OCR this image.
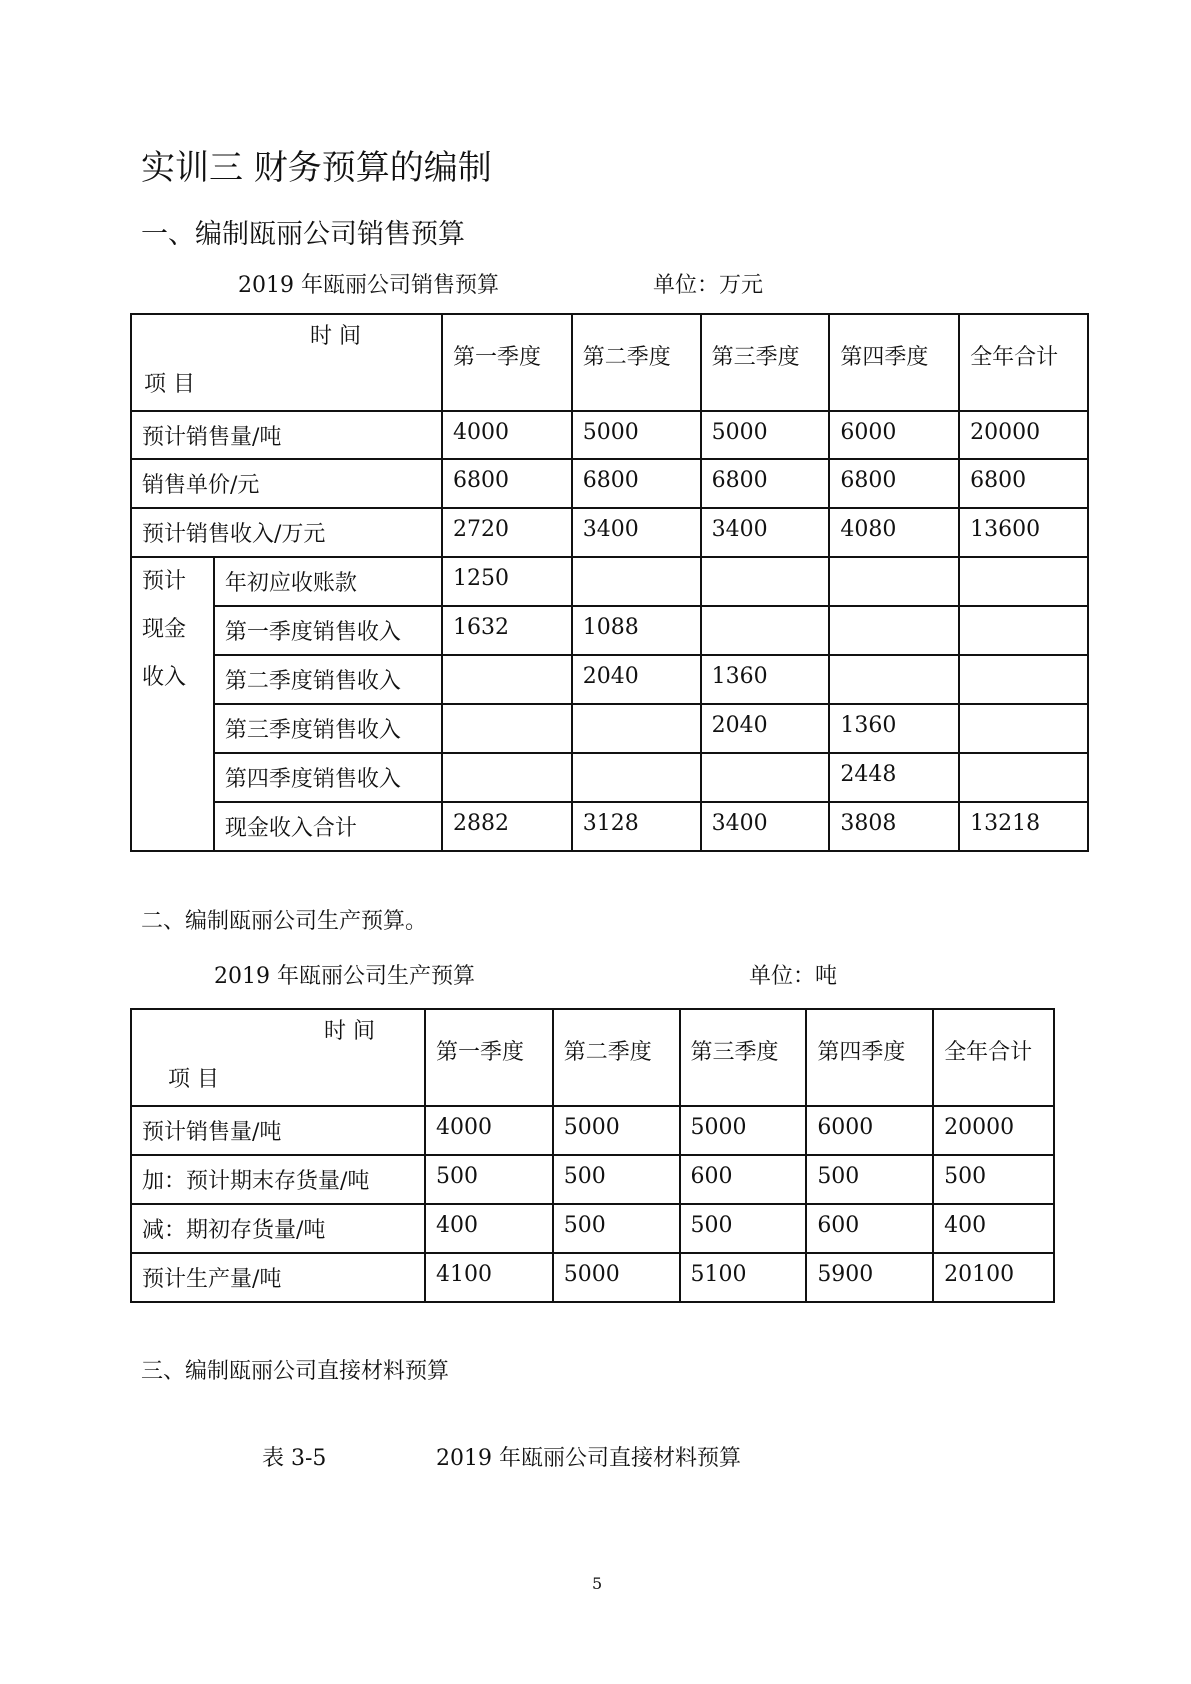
实训三 财务预算的编制
一、编制瓯丽公司销售预算
2019 年瓯丽公司销售预算	单位：万元
时 间
项 目		第一季度	第二季度	第三季度	第四季度	全年合计
预计销售量/吨		4000	5000	5000	6000	20000
销售单价/元		6800	6800	6800	6800	6800
预计销售收入/万元		2720	3400	3400	4080	13600

预计
现金
收入	年初应收账款	1250				
	第一季度销售收入	1632	1088			
	第二季度销售收入		2040	1360		
	第三季度销售收入			2040	1360	
	第四季度销售收入				2448	
	现金收入合计	2882	3128	3400	3808	13218
二、编制瓯丽公司生产预算。
2019 年瓯丽公司生产预算	单位：吨
时 间
项 目	第一季度	第二季度	第三季度	第四季度	全年合计
预计销售量/吨	4000	5000	5000	6000	20000
加：预计期末存货量/吨	500	500	600	500	500
减：期初存货量/吨	400	500	500	600	400
预计生产量/吨	4100	5000	5100	5900	20100
三、编制瓯丽公司直接材料预算
表 3-5	2019 年瓯丽公司直接材料预算
5
